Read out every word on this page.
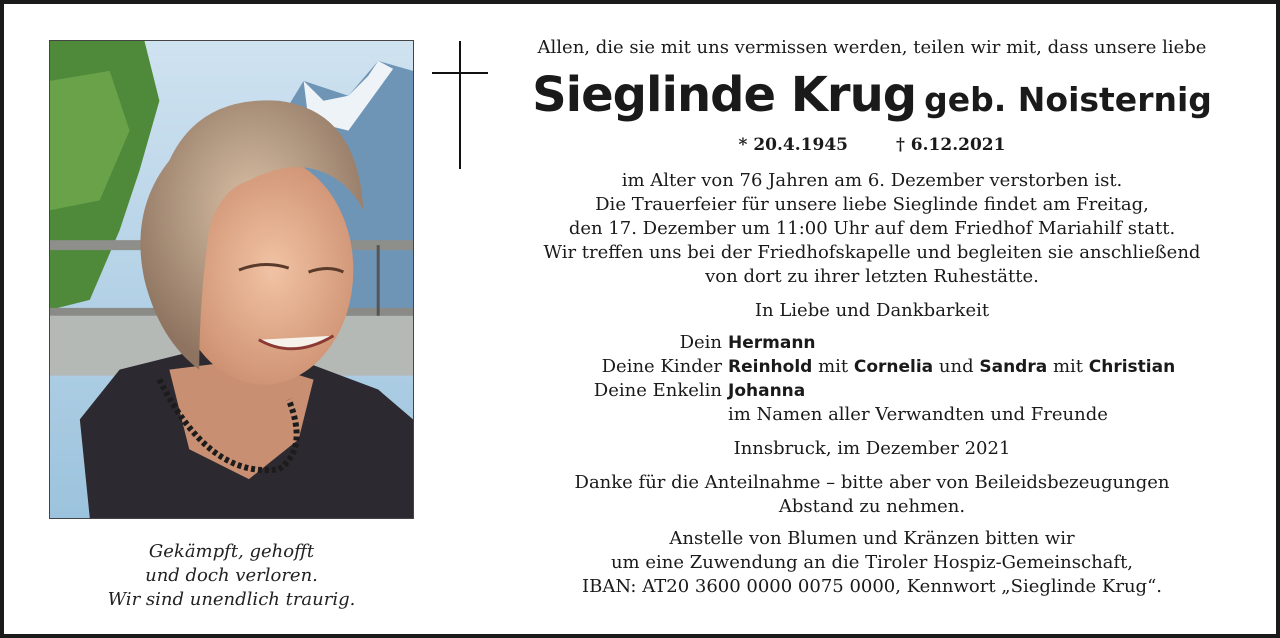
Gekämpft, gehofft
und doch verloren.
Wir sind unendlich traurig.
Allen, die sie mit uns vermissen werden, teilen wir mit, dass unsere liebe
Sieglinde Krug geb. Noisternig
* 20.4.1945	† 6.12.2021
im Alter von 76 Jahren am 6. Dezember verstorben ist.
Die Trauerfeier für unsere liebe Sieglinde findet am Freitag,
den 17. Dezember um 11:00 Uhr auf dem Friedhof Mariahilf statt.
Wir treffen uns bei der Friedhofskapelle und begleiten sie anschließend
von dort zu ihrer letzten Ruhestätte.
In Liebe und Dankbarkeit
Dein Hermann
Deine Kinder Reinhold mit Cornelia und Sandra mit Christian
Deine Enkelin Johanna
im Namen aller Verwandten und Freunde
Innsbruck, im Dezember 2021
Danke für die Anteilnahme – bitte aber von Beileidsbezeugungen
Abstand zu nehmen.
Anstelle von Blumen und Kränzen bitten wir
um eine Zuwendung an die Tiroler Hospiz-Gemeinschaft,
IBAN: AT20 3600 0000 0075 0000, Kennwort „Sieglinde Krug“.
